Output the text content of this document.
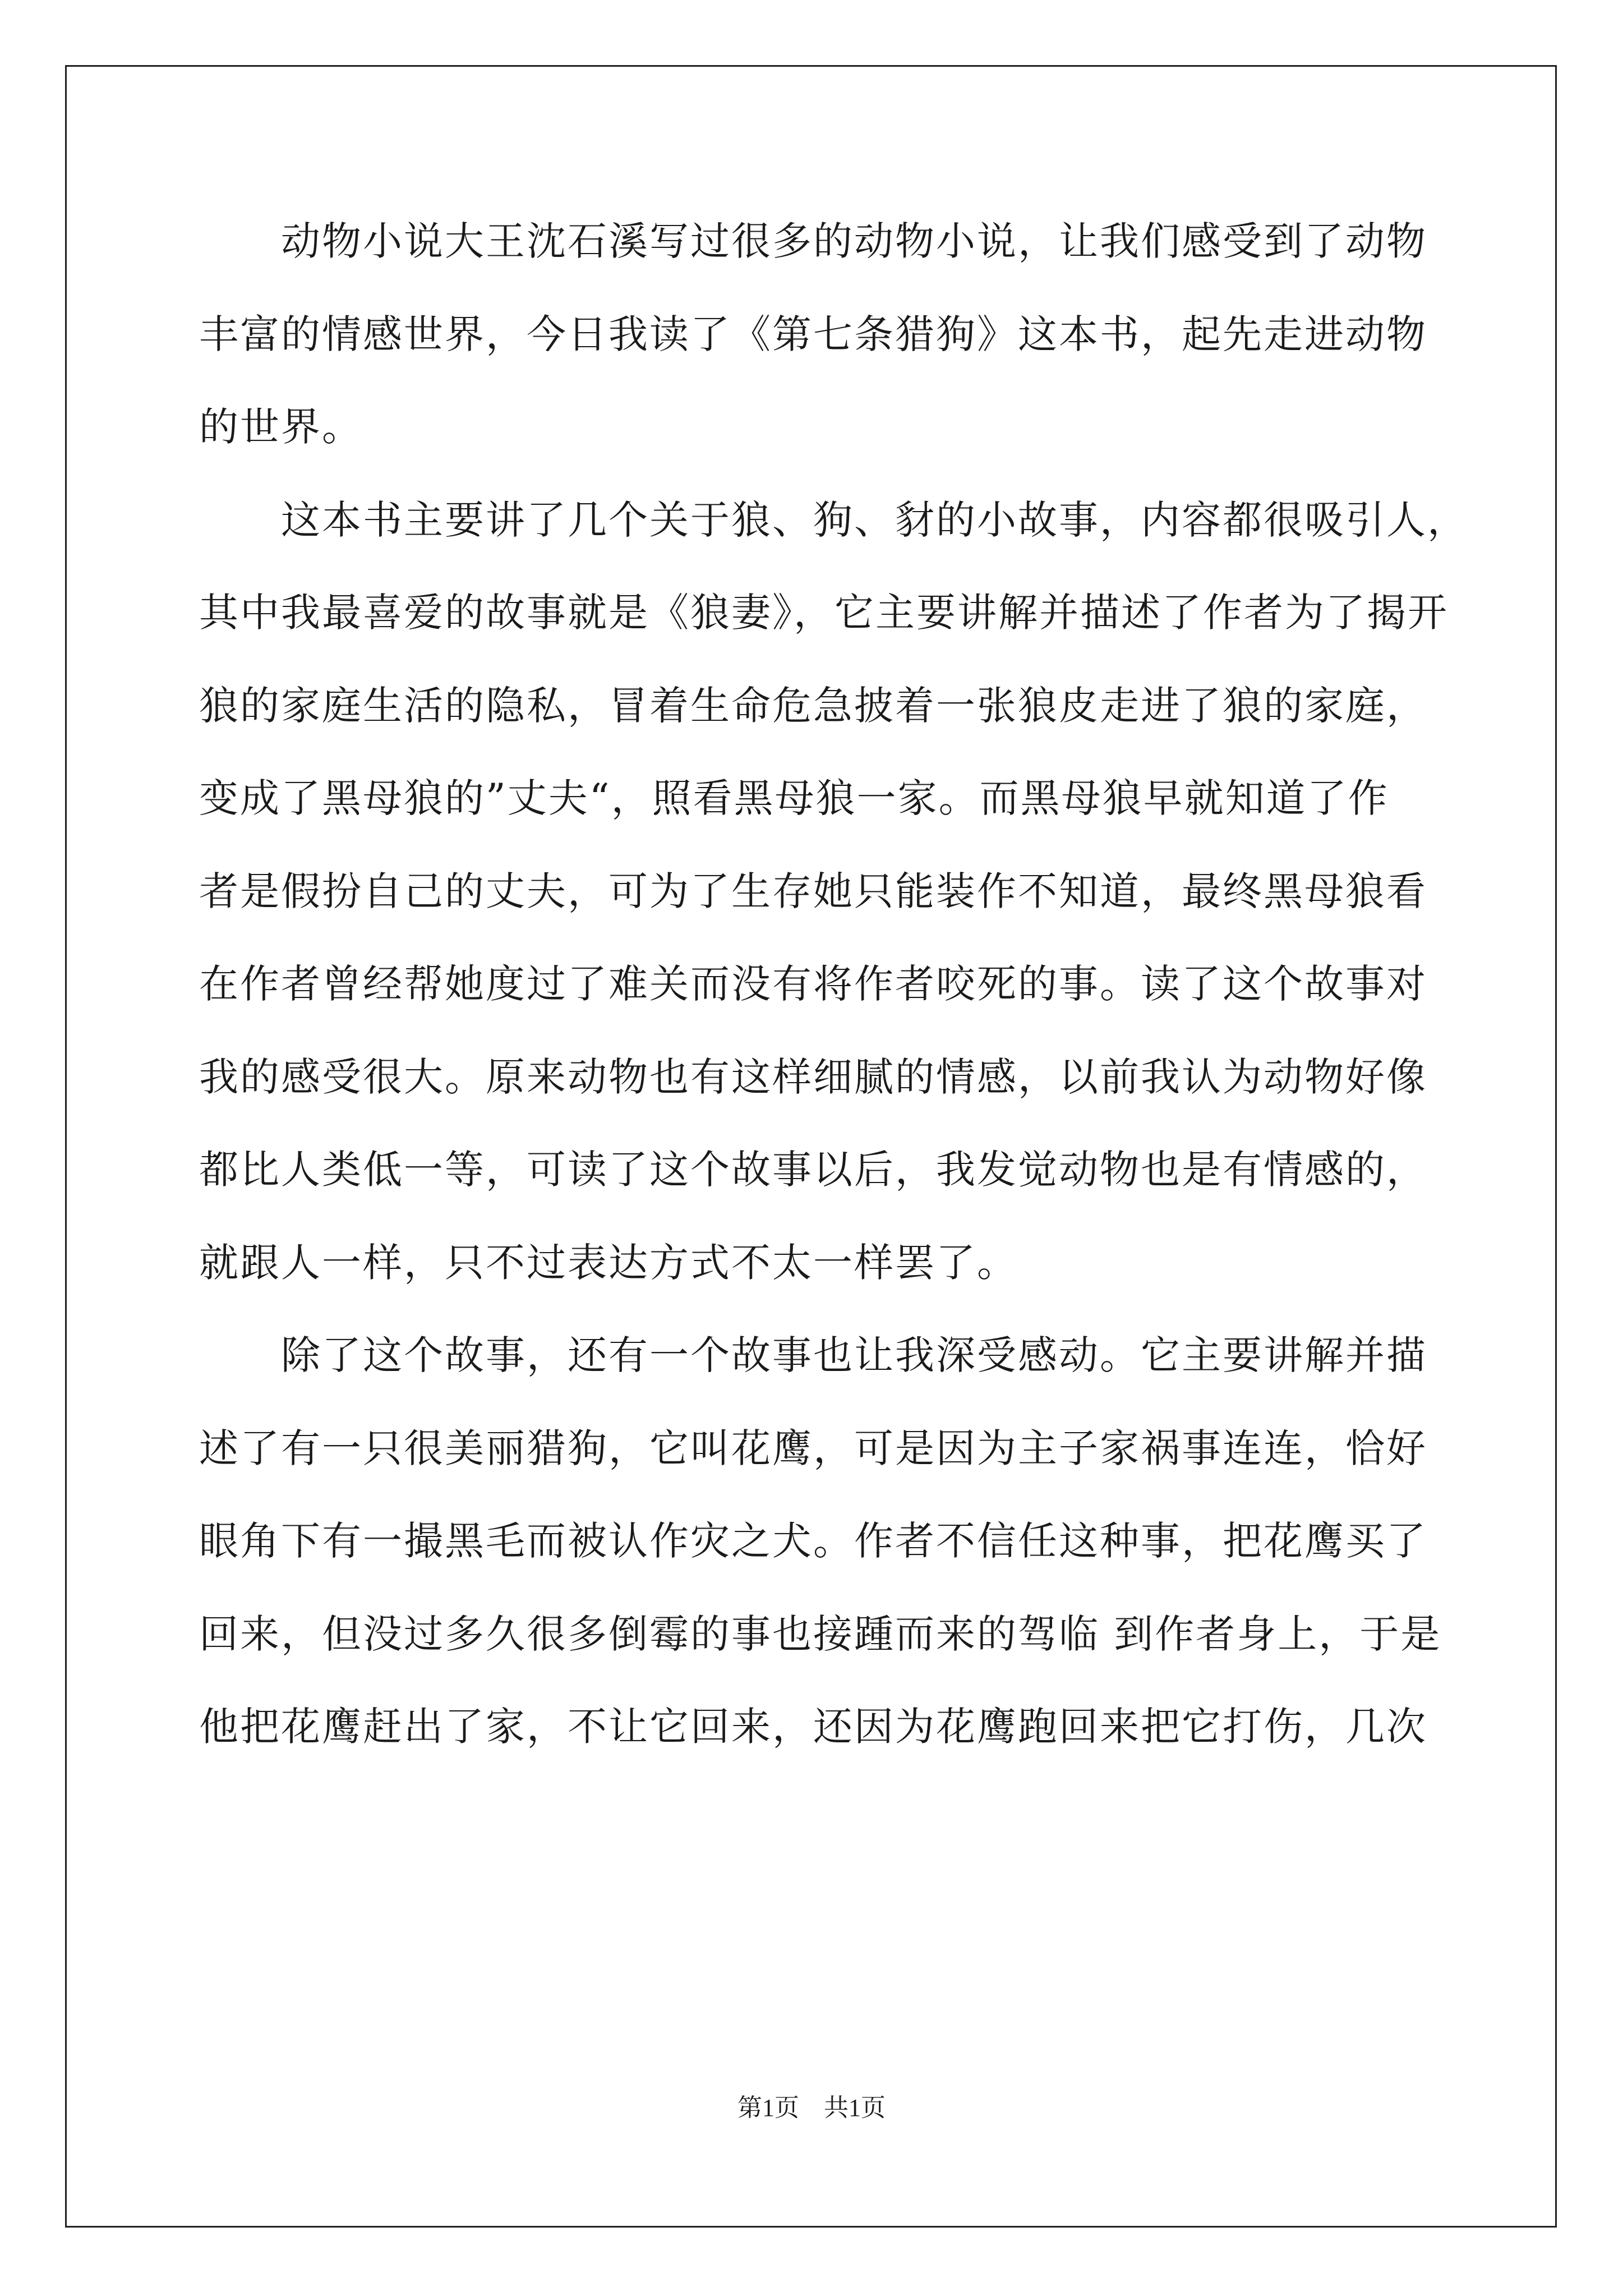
　　动物小说大王沈石溪写过很多的动物小说，让我们感受到了动物
丰富的情感世界，今日我读了《第七条猎狗》这本书，起先走进动物
的世界。
　　这本书主要讲了几个关于狼、狗、豺的小故事，内容都很吸引人，
其中我最喜爱的故事就是《狼妻》，它主要讲解并描述了作者为了揭开
狼的家庭生活的隐私，冒着生命危急披着一张狼皮走进了狼的家庭，
变成了黑母狼的”丈夫“，照看黑母狼一家。而黑母狼早就知道了作
者是假扮自己的丈夫，可为了生存她只能装作不知道，最终黑母狼看
在作者曾经帮她度过了难关而没有将作者咬死的事。读了这个故事对
我的感受很大。原来动物也有这样细腻的情感，以前我认为动物好像
都比人类低一等，可读了这个故事以后，我发觉动物也是有情感的，
就跟人一样，只不过表达方式不太一样罢了。
　　除了这个故事，还有一个故事也让我深受感动。它主要讲解并描
述了有一只很美丽猎狗，它叫花鹰，可是因为主子家祸事连连，恰好
眼角下有一撮黑毛而被认作灾之犬。作者不信任这种事，把花鹰买了
回来，但没过多久很多倒霉的事也接踵而来的驾临 到作者身上，于是
他把花鹰赶出了家，不让它回来，还因为花鹰跑回来把它打伤，几次
第1页　共1页
